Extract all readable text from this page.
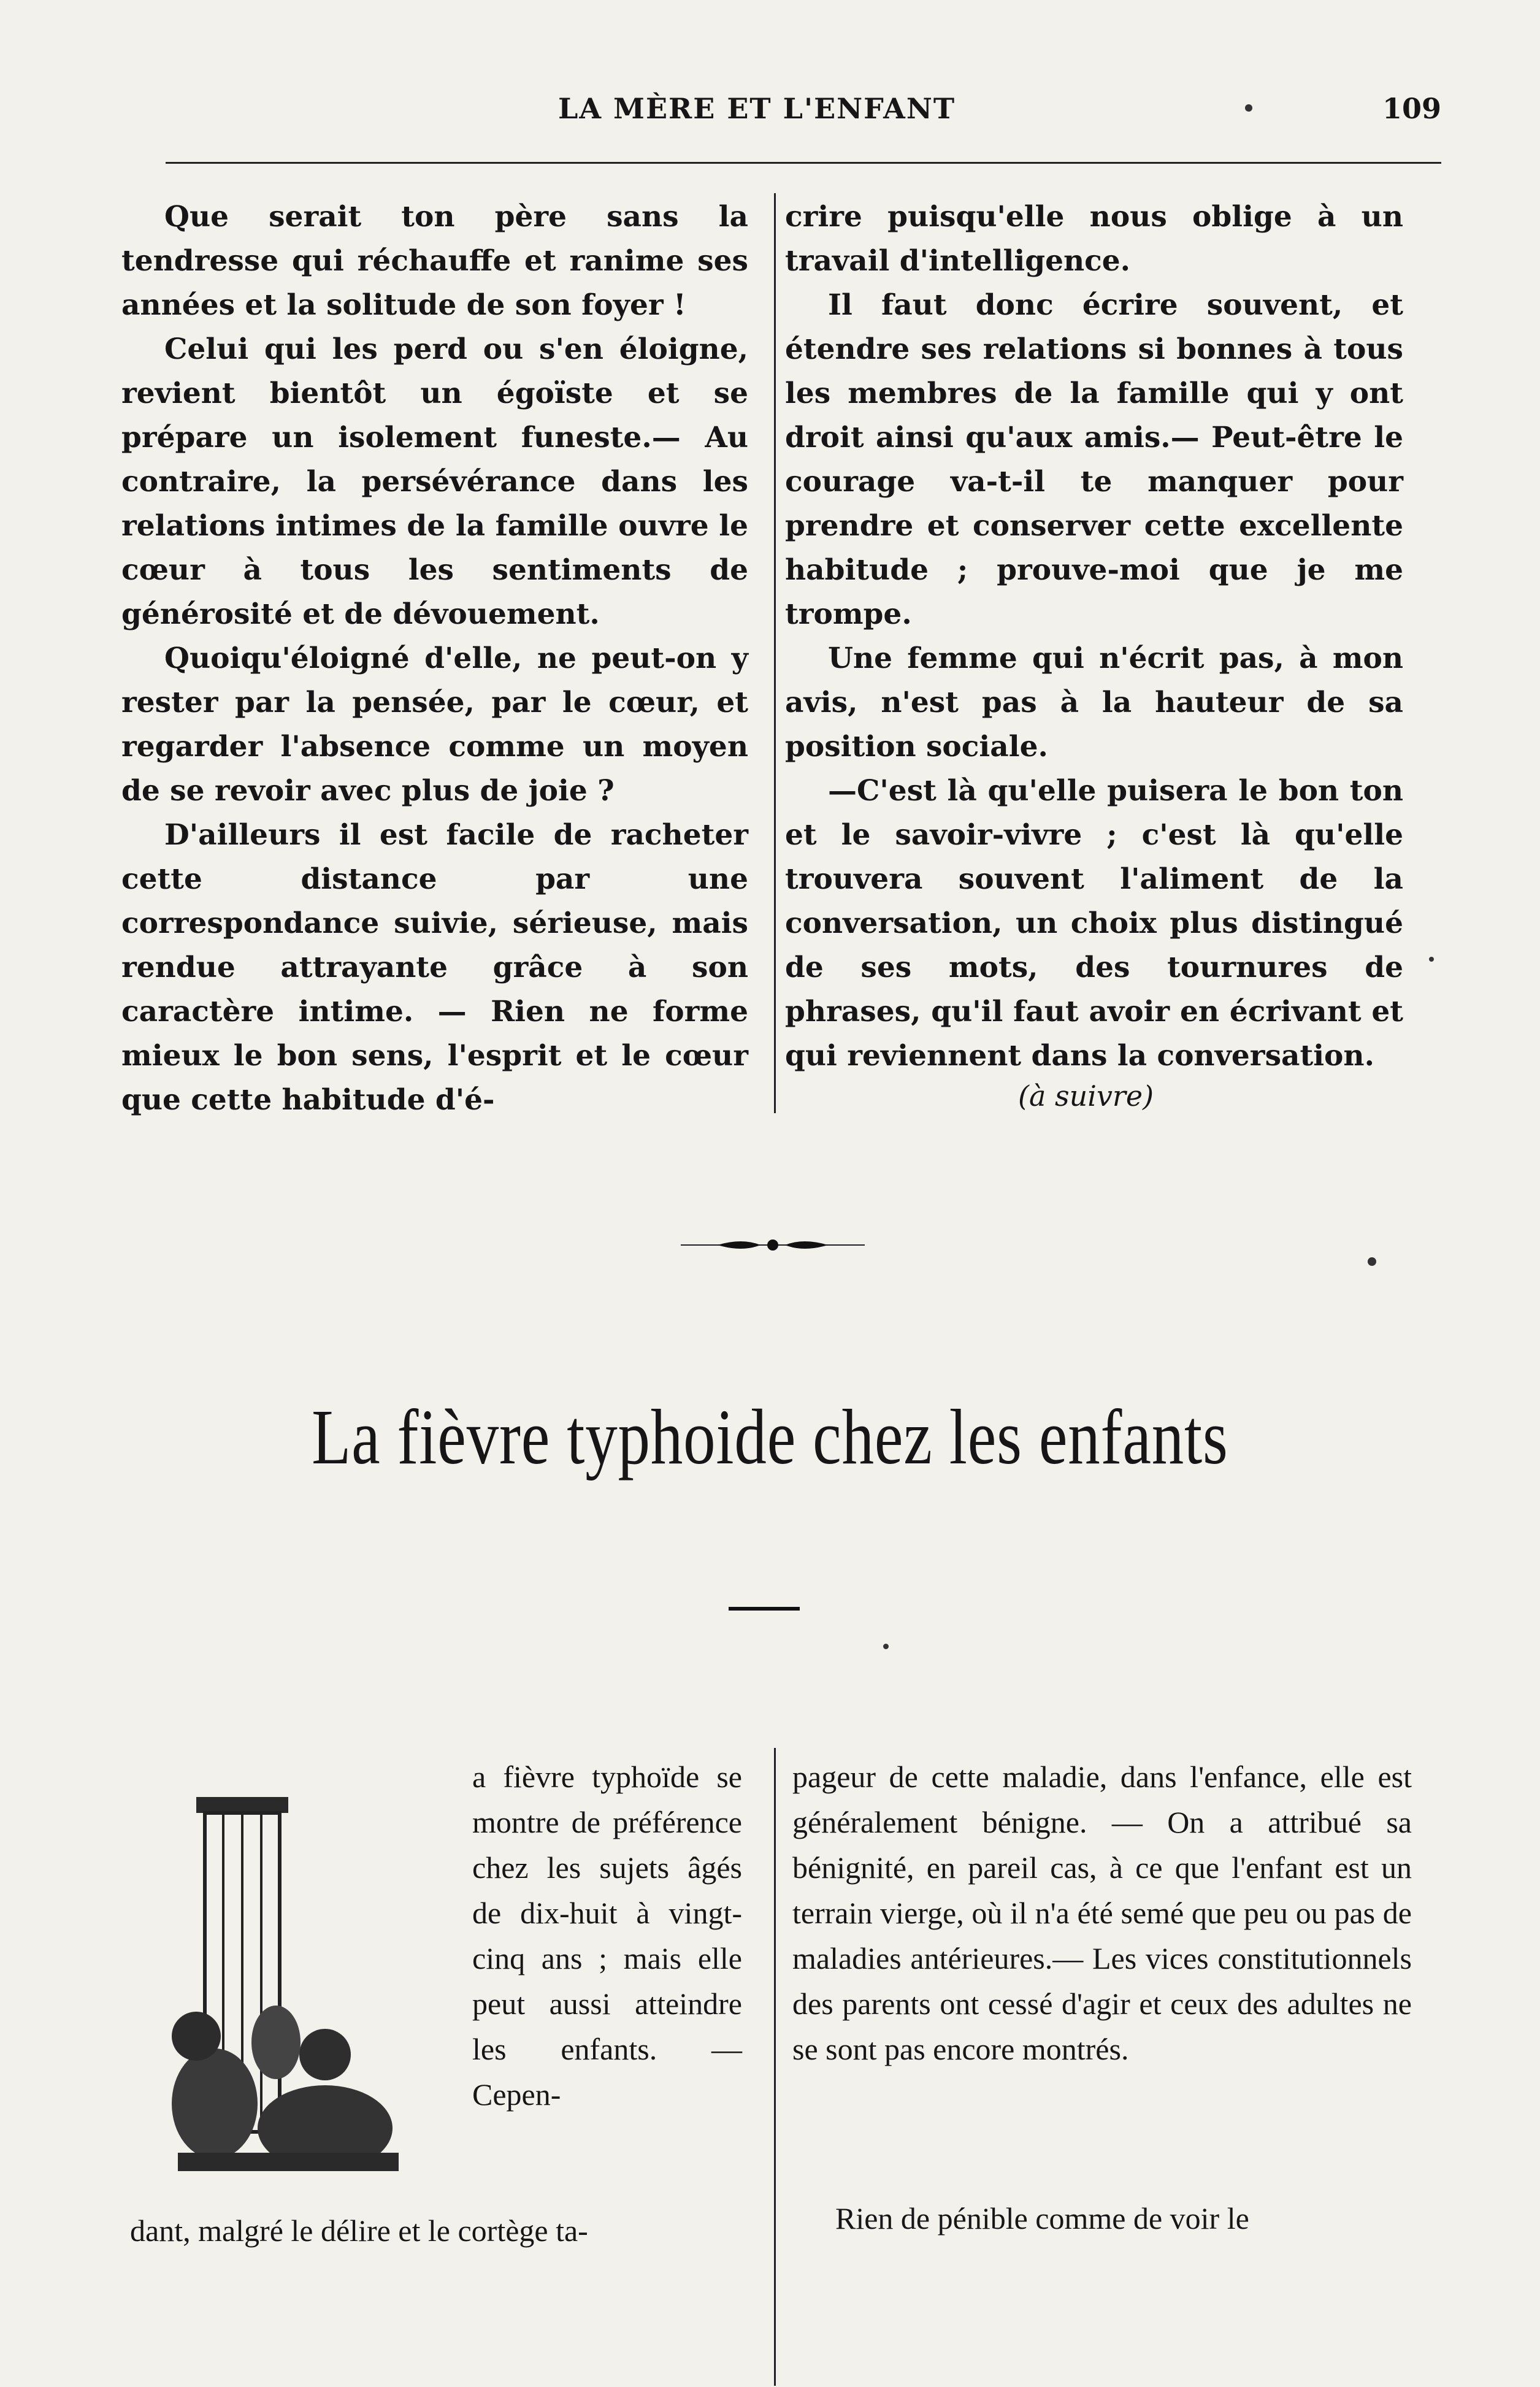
LA MÈRE ET L'ENFANT	109

Que serait ton père sans la tendresse qui réchauffe et ranime ses années et la solitude de son foyer !

Celui qui les perd ou s'en éloigne, revient bientôt un égoïste et se prépare un isolement funeste.— Au contraire, la persévérance dans les relations intimes de la famille ouvre le cœur à tous les sentiments de générosité et de dévouement.

Quoiqu'éloigné d'elle, ne peut-on y rester par la pensée, par le cœur, et regarder l'absence comme un moyen de se revoir avec plus de joie ?

D'ailleurs il est facile de racheter cette distance par une correspondance suivie, sérieuse, mais rendue attrayante grâce à son caractère intime. — Rien ne forme mieux le bon sens, l'esprit et le cœur que cette habitude d'é-

crire puisqu'elle nous oblige à un travail d'intelligence.

Il faut donc écrire souvent, et étendre ses relations si bonnes à tous les membres de la famille qui y ont droit ainsi qu'aux amis.— Peut-être le courage va-t-il te manquer pour prendre et conserver cette excellente habitude ; prouve-moi que je me trompe.

Une femme qui n'écrit pas, à mon avis, n'est pas à la hauteur de sa position sociale.

—C'est là qu'elle puisera le bon ton et le savoir-vivre ; c'est là qu'elle trouvera souvent l'aliment de la conversation, un choix plus distingué de ses mots, des tournures de phrases, qu'il faut avoir en écrivant et qui reviennent dans la conversation.

(à suivre)
La fièvre typhoide chez les enfants

a fièvre typhoïde se montre de préférence chez les sujets âgés de dix-huit à vingt-cinq ans ; mais elle peut aussi atteindre les enfants. — Cepen-

dant, malgré le délire et le cortège ta-

pageur de cette maladie, dans l'enfance, elle est généralement bénigne. — On a attribué sa bénignité, en pareil cas, à ce que l'enfant est un terrain vierge, où il n'a été semé que peu ou pas de maladies antérieures.— Les vices constitutionnels des parents ont cessé d'agir et ceux des adultes ne se sont pas encore montrés.

Rien de pénible comme de voir le
